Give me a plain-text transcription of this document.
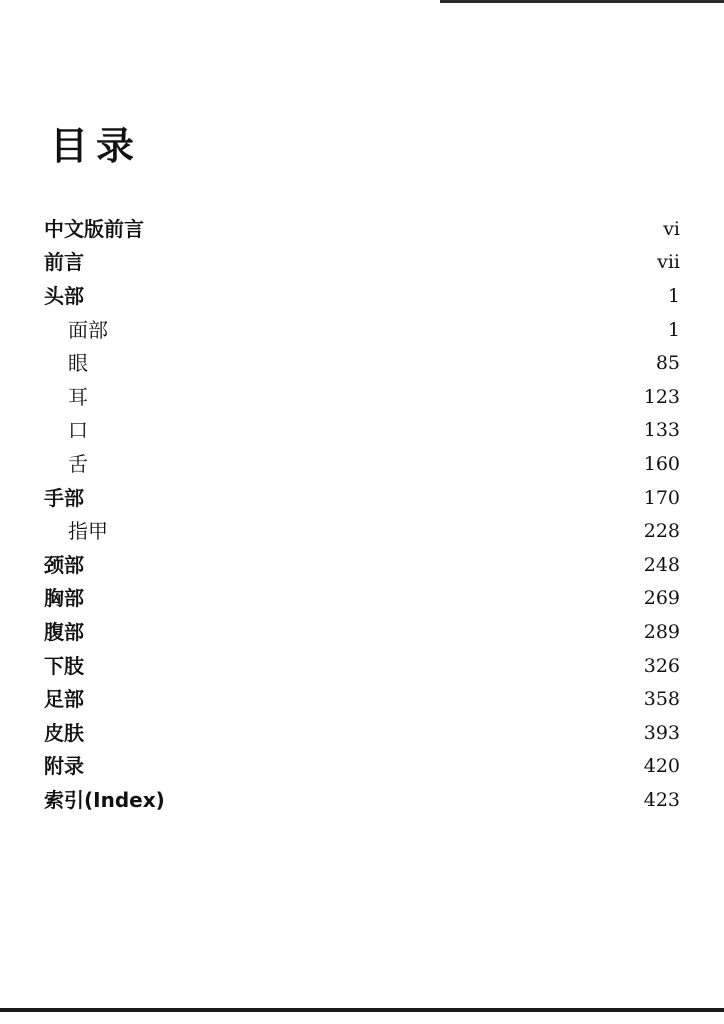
目录
中文版前言	vi
前言	vii
头部	1
面部	1
眼	85
耳	123
口	133
舌	160
手部	170
指甲	228
颈部	248
胸部	269
腹部	289
下肢	326
足部	358
皮肤	393
附录	420
索引(Index)	423
